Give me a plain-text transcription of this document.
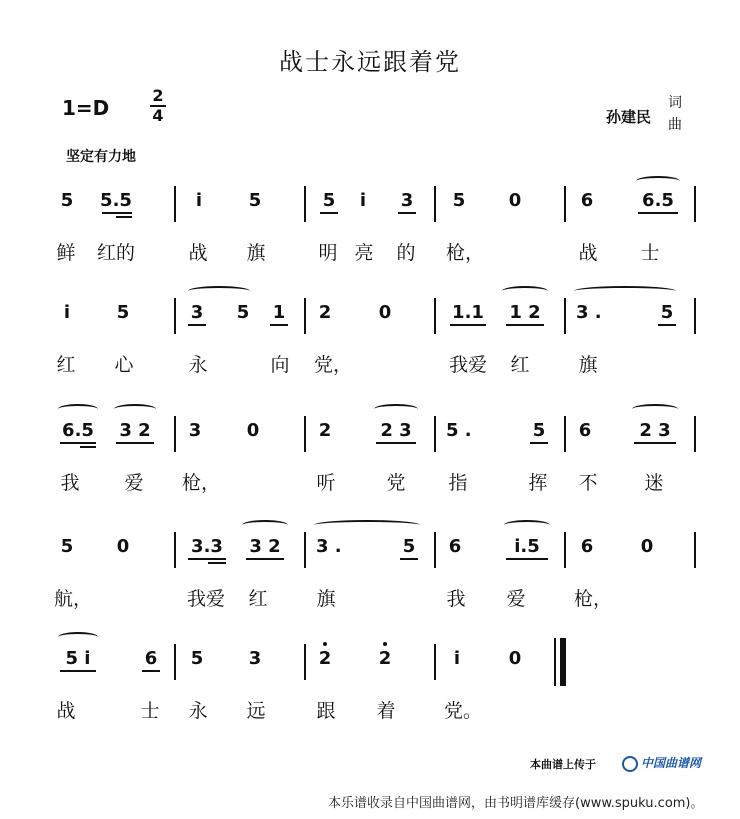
战士永远跟着党
1=D
2
4	孙建民
词
曲
坚定有力地
5 5.5	i	5	5	i	3 5 0	6	6.5
鲜 红的	战 旗	明 亮 的 枪，	战 士
i	5	3 5 1 2	0	1.1 1 2 3 .	5
红 心	永	向 党，	我爱 红	旗
6.5 3 2 3	0	2	2 3	5 .	5 6	2 3
我 爱 枪，	听	党 指	挥 不 迷
5 0	3.3 3 2 3 .	5 6	i.5	6	0
航，	我爱 红	旗	我 爱	枪，
5 i	6 5	3	2	2	i	0
战	士 永 远	跟 着	党。
本曲谱上传于	中国曲谱网
本乐谱收录自中国曲谱网，由书明谱库缓存(www.spuku.com)。
